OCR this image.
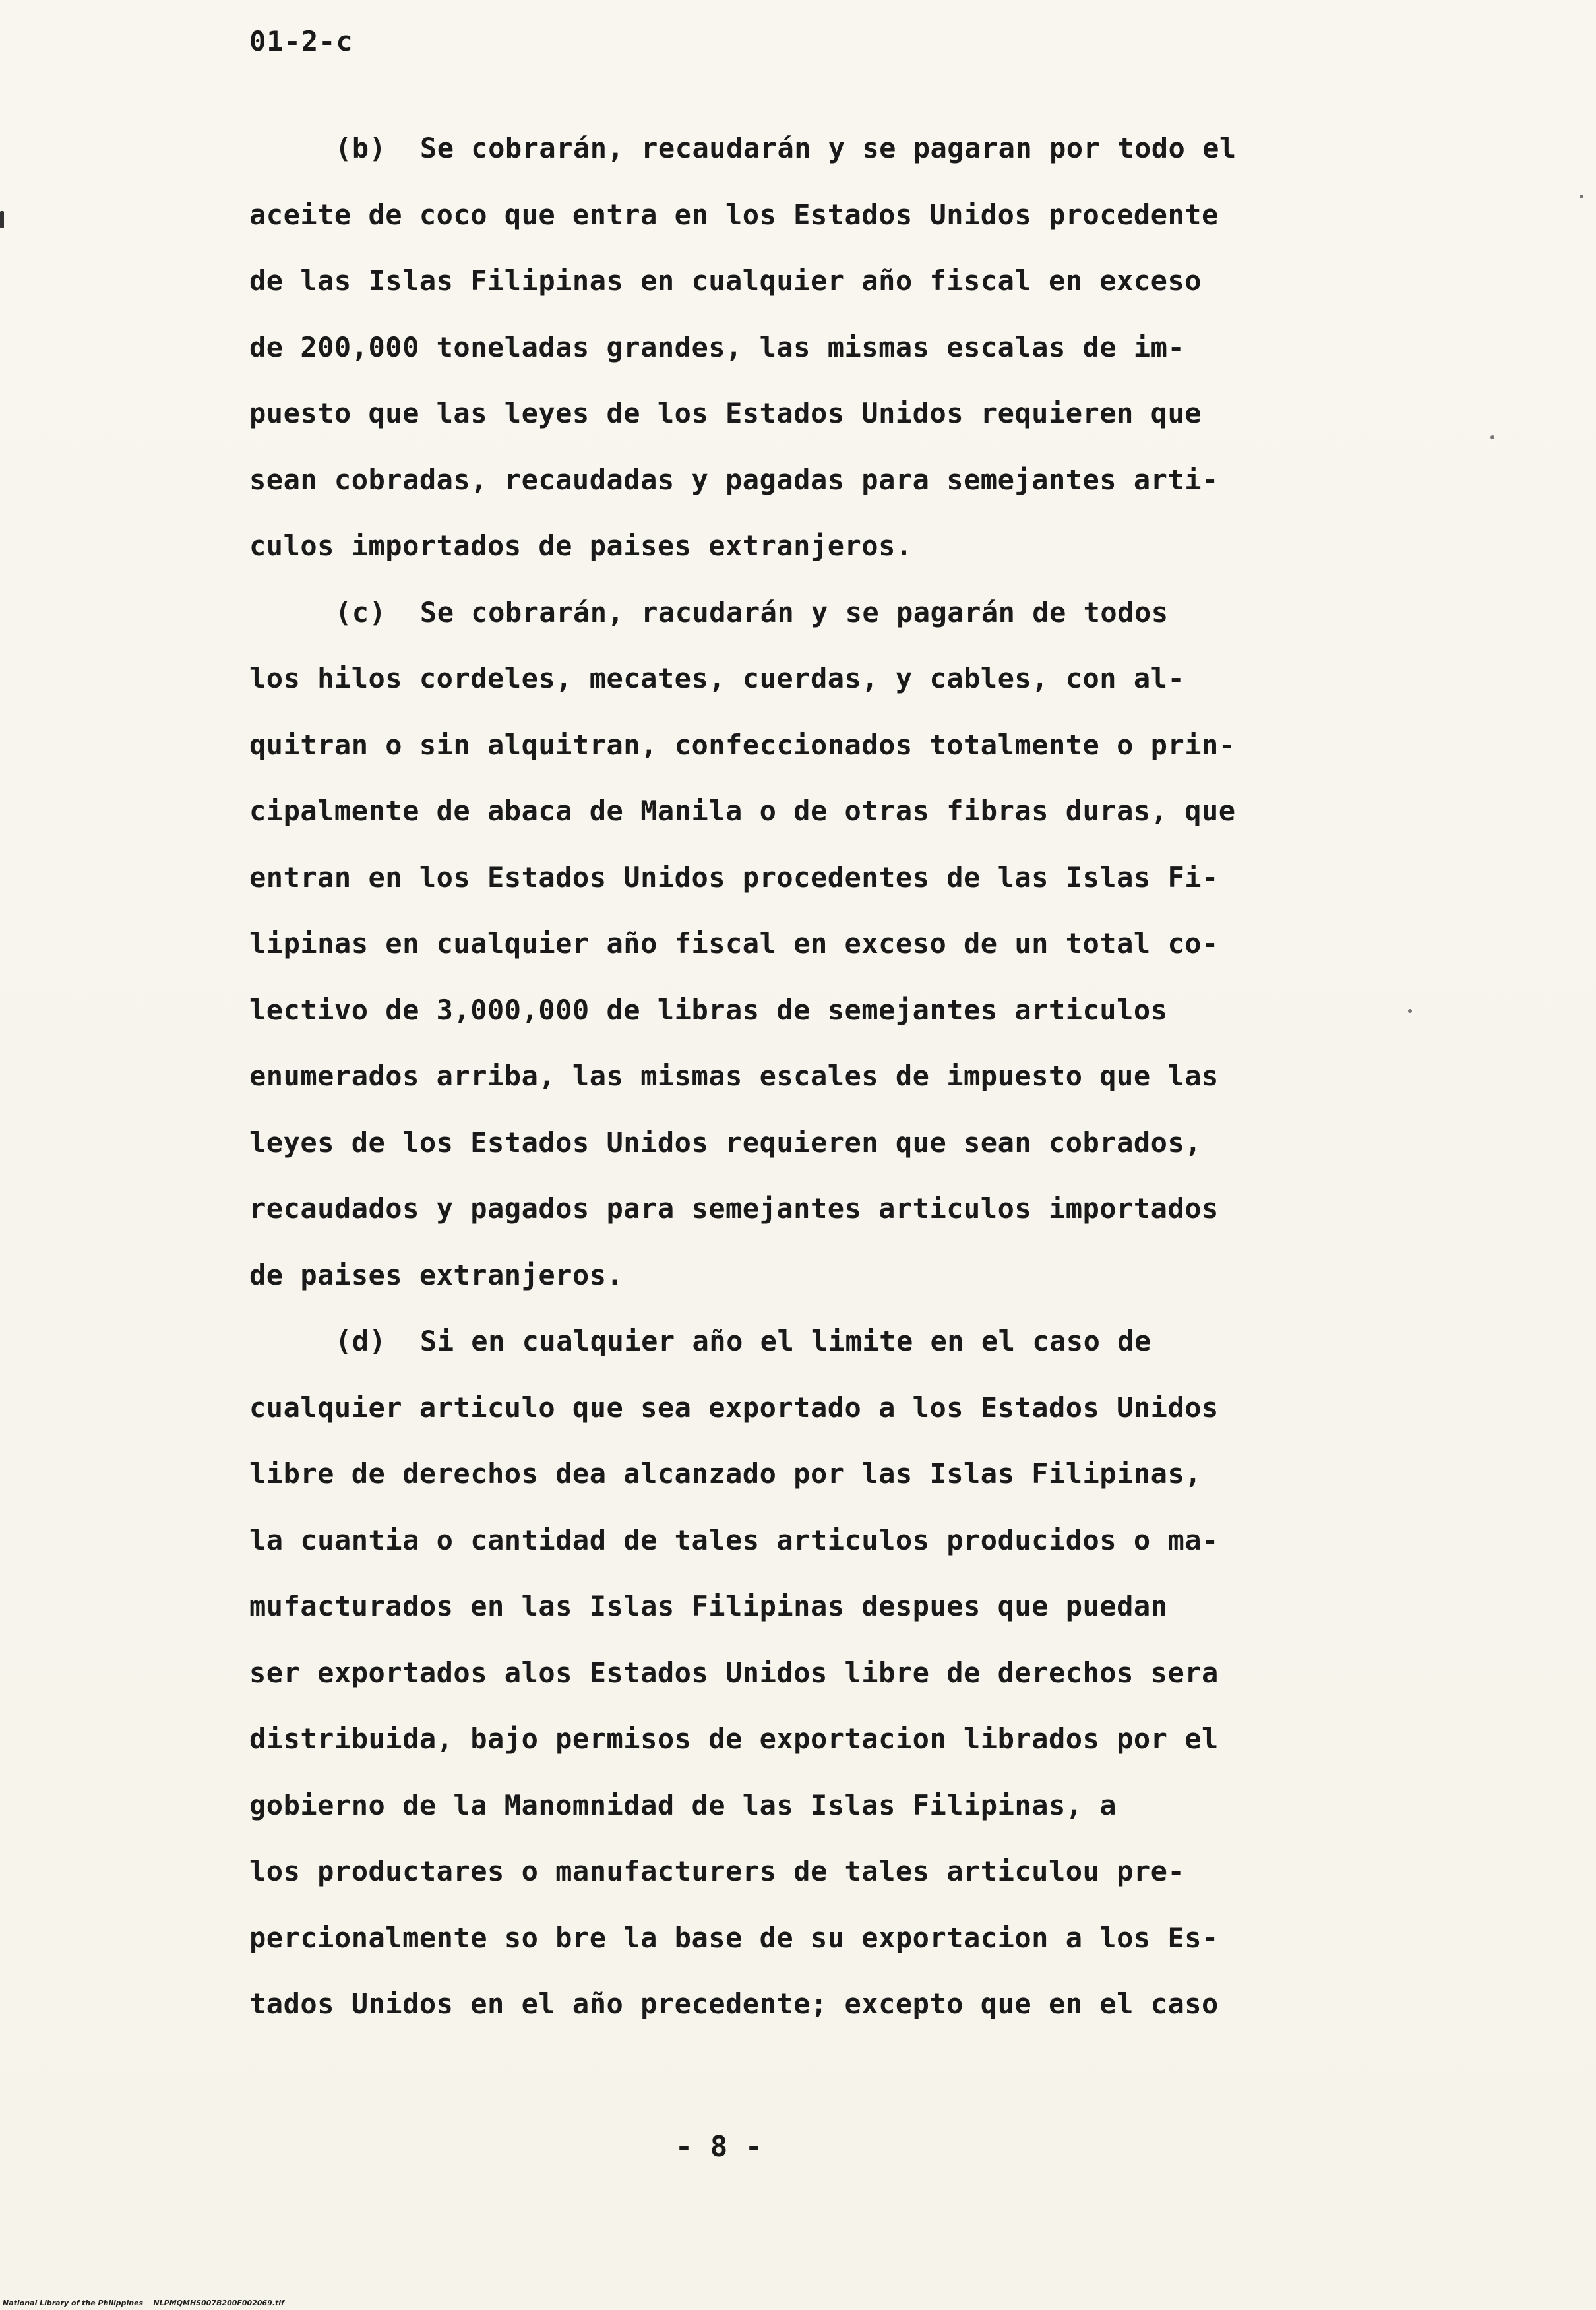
01-2-c
(b)  Se cobrarán, recaudarán y se pagaran por todo el
aceite de coco que entra en los Estados Unidos procedente
de las Islas Filipinas en cualquier año fiscal en exceso
de 200,000 toneladas grandes, las mismas escalas de im-
puesto que las leyes de los Estados Unidos requieren que
sean cobradas, recaudadas y pagadas para semejantes arti-
culos importados de paises extranjeros.
(c)  Se cobrarán, racudarán y se pagarán de todos
los hilos cordeles, mecates, cuerdas, y cables, con al-
quitran o sin alquitran, confeccionados totalmente o prin-
cipalmente de abaca de Manila o de otras fibras duras, que
entran en los Estados Unidos procedentes de las Islas Fi-
lipinas en cualquier año fiscal en exceso de un total co-
lectivo de 3,000,000 de libras de semejantes articulos
enumerados arriba, las mismas escales de impuesto que las
leyes de los Estados Unidos requieren que sean cobrados,
recaudados y pagados para semejantes articulos importados
de paises extranjeros.
(d)  Si en cualquier año el limite en el caso de
cualquier articulo que sea exportado a los Estados Unidos
libre de derechos dea alcanzado por las Islas Filipinas,
la cuantia o cantidad de tales articulos producidos o ma-
mufacturados en las Islas Filipinas despues que puedan
ser exportados alos Estados Unidos libre de derechos sera
distribuida, bajo permisos de exportacion librados por el
gobierno de la Manomnidad de las Islas Filipinas, a
los productares o manufacturers de tales articulou pre-
percionalmente so bre la base de su exportacion a los Es-
tados Unidos en el año precedente; excepto que en el caso
- 8 -
National Library of the Philippines    NLPMQMHS007B200F002069.tif
